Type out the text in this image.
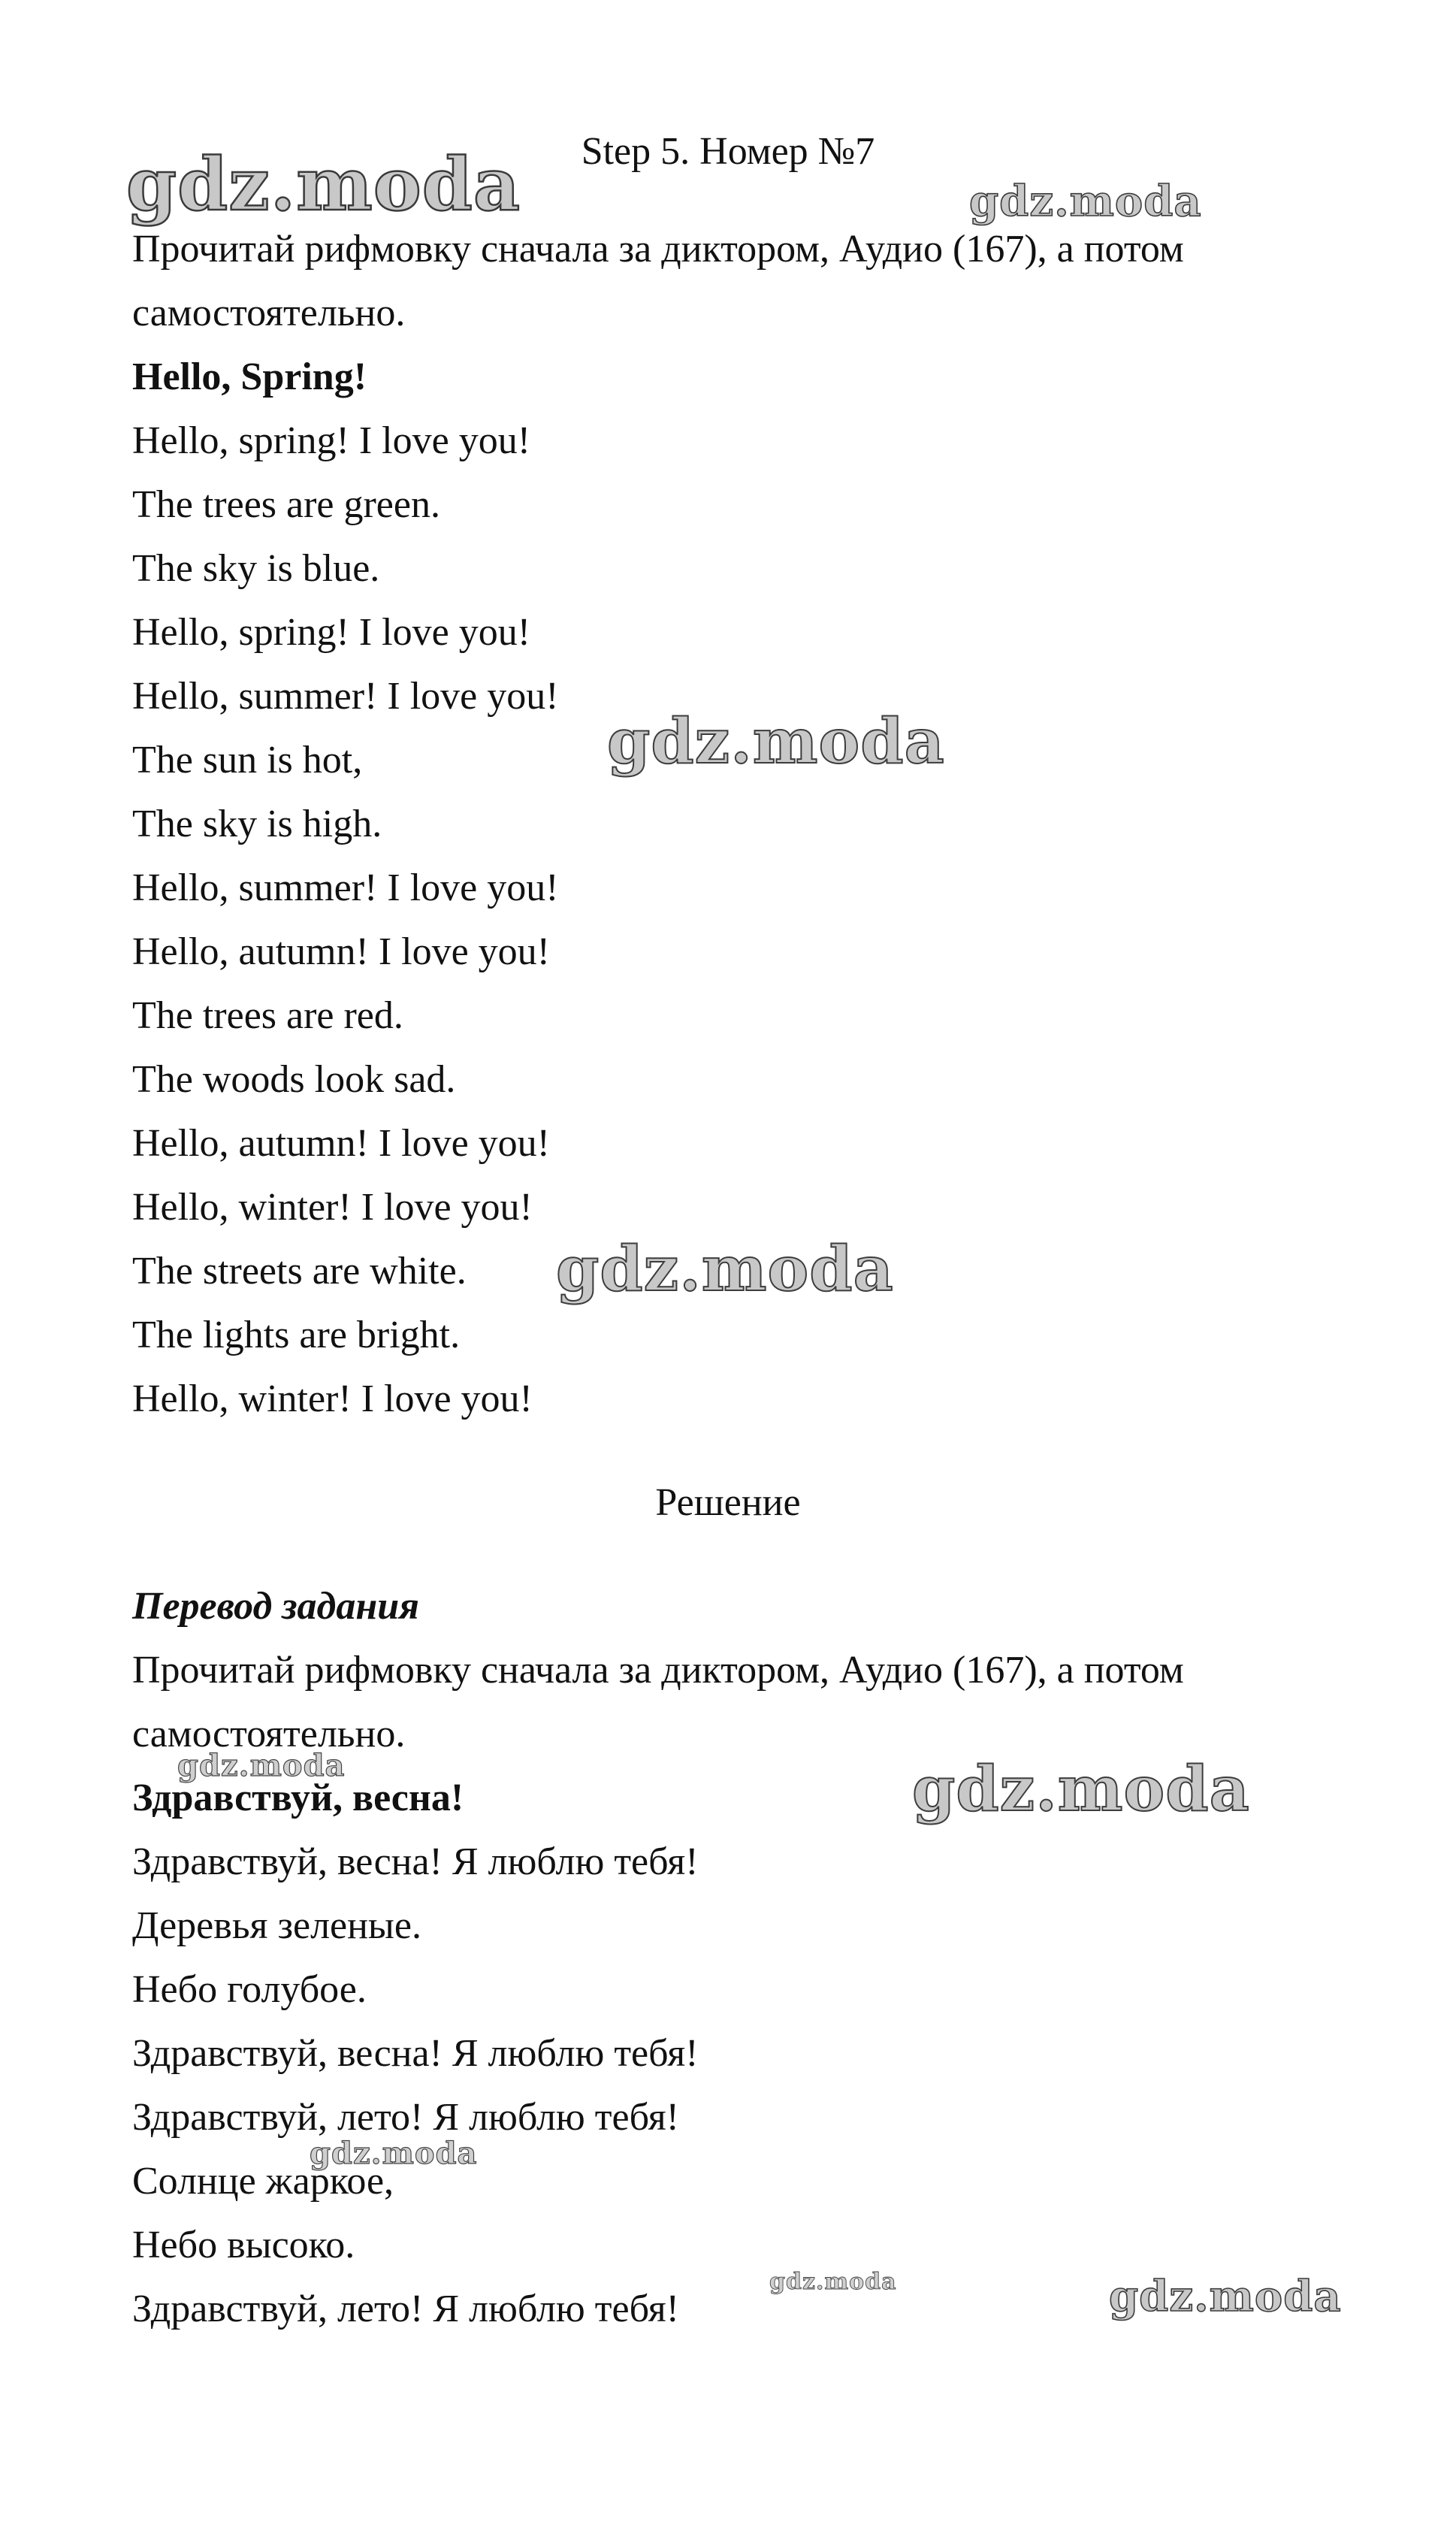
Step 5. Номер №7
Прочитай рифмовку сначала за диктором, Аудио (167), а потом
самостоятельно.
Hello, Spring!
Hello, spring! I love you!
The trees are green.
The sky is blue.
Hello, spring! I love you!
Hello, summer! I love you!
The sun is hot,
The sky is high.
Hello, summer! I love you!
Hello, autumn! I love you!
The trees are red.
The woods look sad.
Hello, autumn! I love you!
Hello, winter! I love you!
The streets are white.
The lights are bright.
Hello, winter! I love you!
Решение
Перевод задания
Прочитай рифмовку сначала за диктором, Аудио (167), а потом
самостоятельно.
Здравствуй, весна!
Здравствуй, весна! Я люблю тебя!
Деревья зеленые.
Небо голубое.
Здравствуй, весна! Я люблю тебя!
Здравствуй, лето! Я люблю тебя!
Солнце жаркое,
Небо высоко.
Здравствуй, лето! Я люблю тебя!
gdz.moda	gdz.moda
gdz.moda
gdz.moda
gdz.moda	gdz.moda
gdz.moda
gdz.moda	gdz.moda
